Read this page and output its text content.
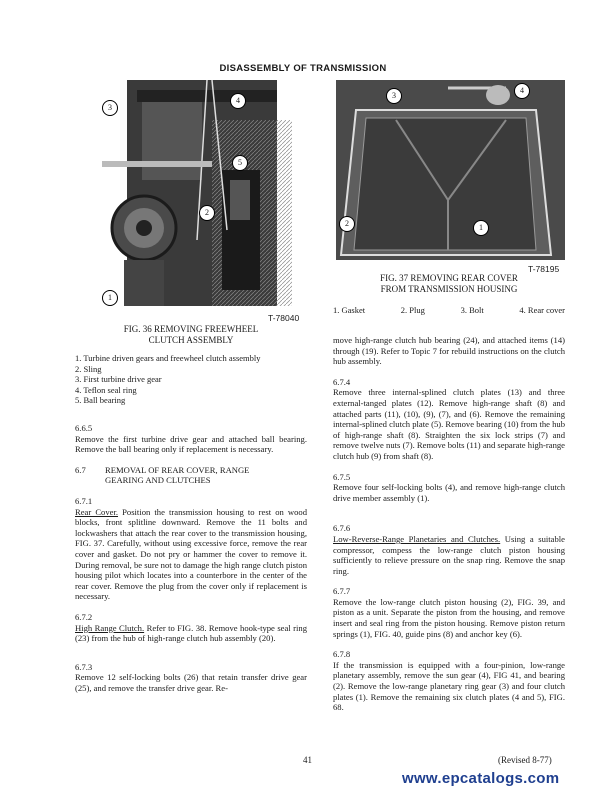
DISASSEMBLY OF TRANSMISSION
3
4
5
2
1
T-78040
FIG. 36 REMOVING FREEWHEEL
CLUTCH ASSEMBLY
1. Turbine driven gears and freewheel clutch assembly
2. Sling
3. First turbine drive gear
4. Teflon seal ring
5. Ball bearing
3
4
2	1
T-78195
FIG. 37 REMOVING REAR COVER
FROM TRANSMISSION HOUSING
1. Gasket	2. Plug	3. Bolt	4. Rear cover

6.6.5

Remove the first turbine drive gear and attached ball bearing. Remove the ball bearing only if replacement is necessary.

6.7	REMOVAL OF REAR COVER, RANGE
GEARING AND CLUTCHES

6.7.1

Rear Cover. Position the transmission housing to rest on wood blocks, front splitline downward. Remove the 11 bolts and lockwashers that attach the rear cover to the transmission housing, FIG. 37. Carefully, without using excessive force, remove the rear cover and gasket. Do not pry or hammer the cover to remove it. During removal, be sure not to damage the high range clutch piston housing pilot which locates into a counterbore in the center of the rear cover. Remove the plug from the cover only if replacement is necessary.

6.7.2

High Range Clutch. Refer to FIG. 38. Remove hook-type seal ring (23) from the hub of high-range clutch hub assembly (20).

6.7.3

Remove 12 self-locking bolts (26) that retain transfer drive gear (25), and remove the transfer drive gear. Re-

move high-range clutch hub bearing (24), and attached items (14) through (19). Refer to Topic 7 for rebuild instructions on the clutch hub assembly.

6.7.4

Remove three internal-splined clutch plates (13) and three external-tanged plates (12). Remove high-range shaft (8) and attached parts (11), (10), (9), (7), and (6). Remove the remaining internal-splined clutch plate (5). Remove bearing (10) from the hub of high-range shaft (8). Straighten the six lock strips (7) and remove twelve nuts (7). Remove bolts (11) and separate high-range clutch hub (9) from shaft (8).

6.7.5

Remove four self-locking bolts (4), and remove high-range clutch drive member assembly (1).

6.7.6

Low-Reverse-Range Planetaries and Clutches. Using a suitable compressor, compess the low-range clutch piston housing sufficiently to relieve pressure on the snap ring. Remove the snap ring.

6.7.7

Remove the low-range clutch piston housing (2), FIG. 39, and piston as a unit. Separate the piston from the housing, and remove insert and seal ring from the piston housing. Remove piston return springs (1), FIG. 40, guide pins (8) and anchor key (6).

6.7.8

If the transmission is equipped with a four-pinion, low-range planetary assembly, remove the sun gear (4), FIG 41, and bearing (2). Remove the low-range planetary ring gear (3) and four clutch plates (1). Remove the remaining six clutch plates (4 and 5), FIG. 68.

41	(Revised 8-77)
www.epcatalogs.com
